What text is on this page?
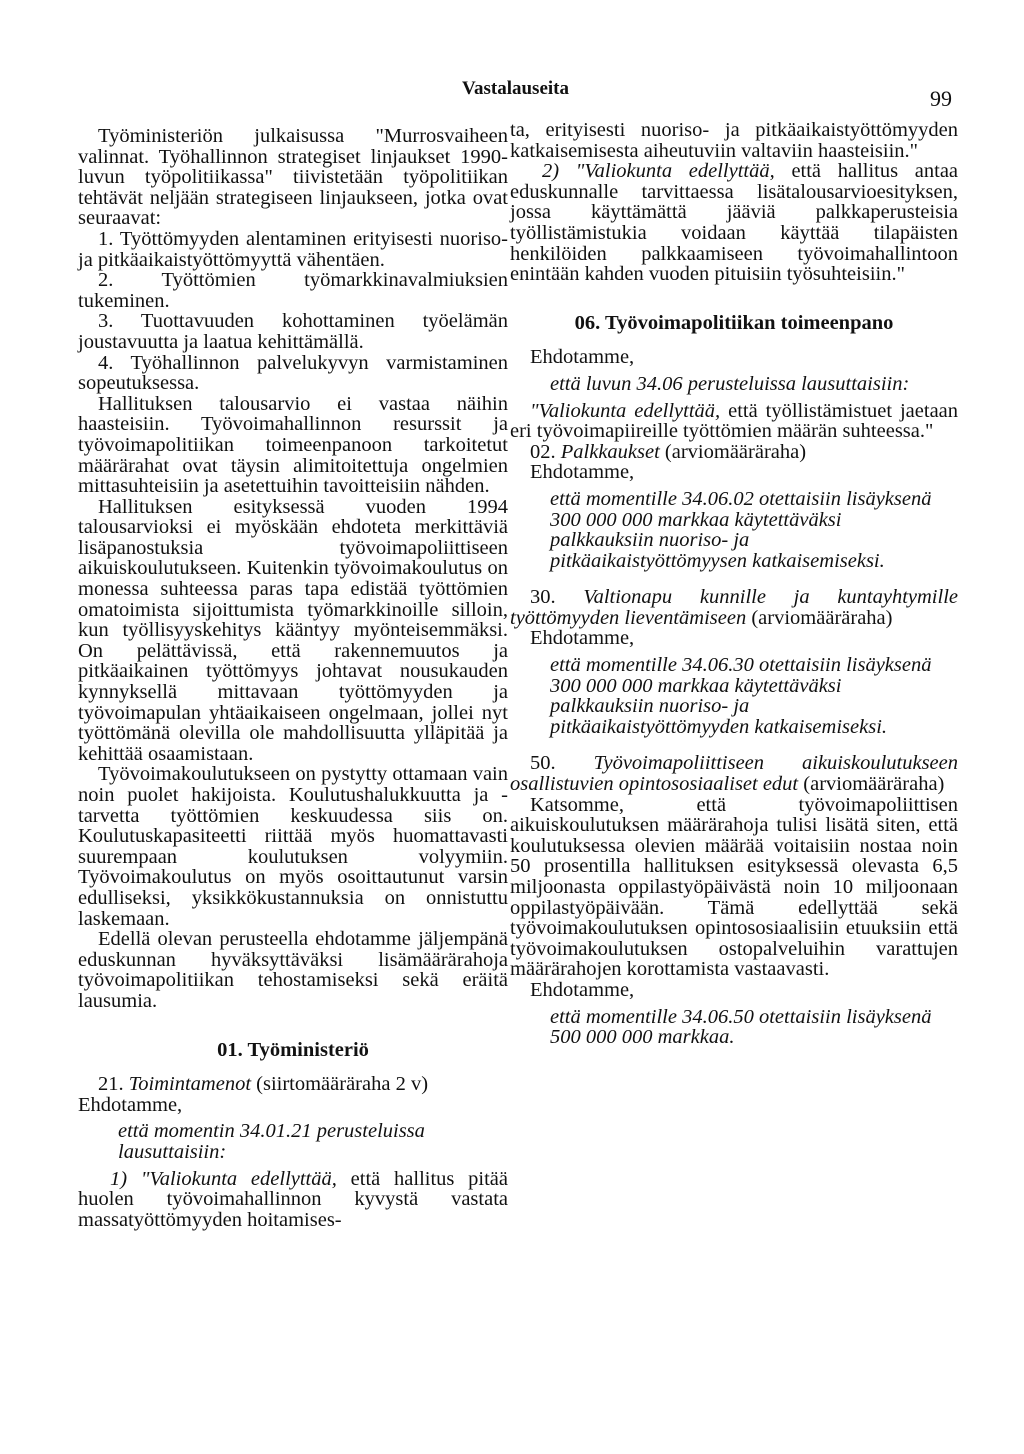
Vastalauseita	99

Työministeriön julkaisussa "Murrosvaiheen valinnat. Työhallinnon strategiset linjaukset 1990-luvun työpolitiikassa" tiivistetään työpolitiikan tehtävät neljään strategiseen linjaukseen, jotka ovat seuraavat:

1. Työttömyyden alentaminen erityisesti nuoriso- ja pitkäaikaistyöttömyyttä vähentäen.

2. Työttömien työmarkkinavalmiuksien tukeminen.

3. Tuottavuuden kohottaminen työelämän joustavuutta ja laatua kehittämällä.

4. Työhallinnon palvelukyvyn varmistaminen sopeutuksessa.

Hallituksen talousarvio ei vastaa näihin haasteisiin. Työvoimahallinnon resurssit ja työvoimapolitiikan toimeenpanoon tarkoitetut määrärahat ovat täysin alimitoitettuja ongelmien mittasuhteisiin ja asetettuihin tavoitteisiin nähden.

Hallituksen esityksessä vuoden 1994 talousarvioksi ei myöskään ehdoteta merkittäviä lisäpanostuksia työvoimapoliittiseen aikuiskoulutukseen. Kuitenkin työvoimakoulutus on monessa suhteessa paras tapa edistää työttömien omatoimista sijoittumista työmarkkinoille silloin, kun työllisyyskehitys kääntyy myönteisemmäksi. On pelättävissä, että rakennemuutos ja pitkäaikainen työttömyys johtavat nousukauden kynnyksellä mittavaan työttömyyden ja työvoimapulan yhtäaikaiseen ongelmaan, jollei nyt työttömänä olevilla ole mahdollisuutta ylläpitää ja kehittää osaamistaan.

Työvoimakoulutukseen on pystytty ottamaan vain noin puolet hakijoista. Koulutushalukkuutta ja -tarvetta työttömien keskuudessa siis on. Koulutuskapasiteetti riittää myös huomattavasti suurempaan koulutuksen volyymiin. Työvoimakoulutus on myös osoittautunut varsin edulliseksi, yksikkökustannuksia on onnistuttu laskemaan.

Edellä olevan perusteella ehdotamme jäljempänä eduskunnan hyväksyttäväksi lisämäärärahoja työvoimapolitiikan tehostamiseksi sekä eräitä lausumia.

01. Työministeriö

21. Toimintamenot (siirtomääräraha 2 v)

Ehdotamme,

että momentin 34.01.21 perusteluissa lausuttaisiin:

1) "Valiokunta edellyttää, että hallitus pitää huolen työvoimahallinnon kyvystä vastata massatyöttömyyden hoitamises-

ta, erityisesti nuoriso- ja pitkäaikaistyöttömyyden katkaisemisesta aiheutuviin valtaviin haasteisiin."

2) "Valiokunta edellyttää, että hallitus antaa eduskunnalle tarvittaessa lisätalousarvioesityksen, jossa käyttämättä jääviä palkkaperusteisia työllistämistukia voidaan käyttää tilapäisten henkilöiden palkkaamiseen työvoimahallintoon enintään kahden vuoden pituisiin työsuhteisiin."

06. Työvoimapolitiikan toimeenpano

Ehdotamme,

että luvun 34.06 perusteluissa lausuttaisiin:

"Valiokunta edellyttää, että työllistämistuet jaetaan eri työvoimapiireille työttömien määrän suhteessa."

02. Palkkaukset (arviomääräraha)

Ehdotamme,

että momentille 34.06.02 otettaisiin lisäyksenä 300 000 000 markkaa käytettäväksi palkkauksiin nuoriso- ja pitkäaikaistyöttömyysen katkaisemiseksi.

30. Valtionapu kunnille ja kuntayhtymille työttömyyden lieventämiseen (arviomääräraha)

Ehdotamme,

että momentille 34.06.30 otettaisiin lisäyksenä 300 000 000 markkaa käytettäväksi palkkauksiin nuoriso- ja pitkäaikaistyöttömyyden katkaisemiseksi.

50. Työvoimapoliittiseen aikuiskoulutukseen osallistuvien opintososiaaliset edut (arviomääräraha)

Katsomme, että työvoimapoliittisen aikuiskoulutuksen määrärahoja tulisi lisätä siten, että koulutuksessa olevien määrää voitaisiin nostaa noin 50 prosentilla hallituksen esityksessä olevasta 6,5 miljoonasta oppilastyöpäivästä noin 10 miljoonaan oppilastyöpäivään. Tämä edellyttää sekä työvoimakoulutuksen opintososiaalisiin etuuksiin että työvoimakoulutuksen ostopalveluihin varattujen määrärahojen korottamista vastaavasti.

Ehdotamme,

että momentille 34.06.50 otettaisiin lisäyksenä 500 000 000 markkaa.
